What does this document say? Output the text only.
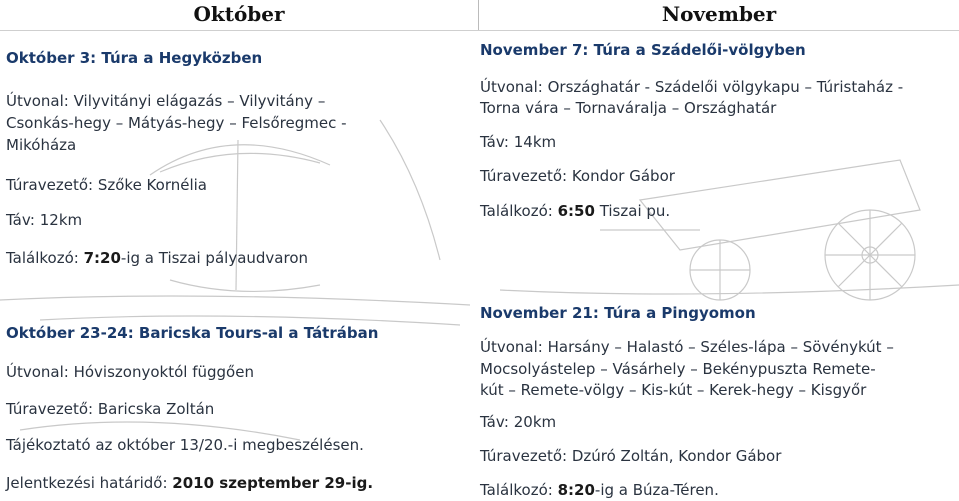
Október
Október 3: Túra a Hegyközben
Útvonal: Vilyvitányi elágazás – Vilyvitány –
Csonkás-hegy – Mátyás-hegy – Felsőregmec -
Mikóháza
Túravezető: Szőke Kornélia
Táv: 12km
Találkozó: 7:20-ig a Tiszai pályaudvaron
Október 23-24: Baricska Tours-al a Tátrában
Útvonal: Hóviszonyoktól függően
Túravezető: Baricska Zoltán
Tájékoztató az október 13/20.-i megbeszélésen.
Jelentkezési határidő: 2010 szeptember 29-ig.
November
November 7: Túra a Szádelői-völgyben
Útvonal: Országhatár - Szádelői völgykapu – Túristaház -
Torna vára – Tornaváralja – Országhatár
Táv: 14km
Túravezető: Kondor Gábor
Találkozó: 6:50 Tiszai pu.
November 21: Túra a Pingyomon
Útvonal: Harsány – Halastó – Széles-lápa – Sövénykút –
Mocsolyástelep – Vásárhely – Bekénypuszta Remete-
kút – Remete-völgy – Kis-kút – Kerek-hegy – Kisgyőr
Táv: 20km
Túravezető: Dzúró Zoltán, Kondor Gábor
Találkozó: 8:20-ig a Búza-Téren.
